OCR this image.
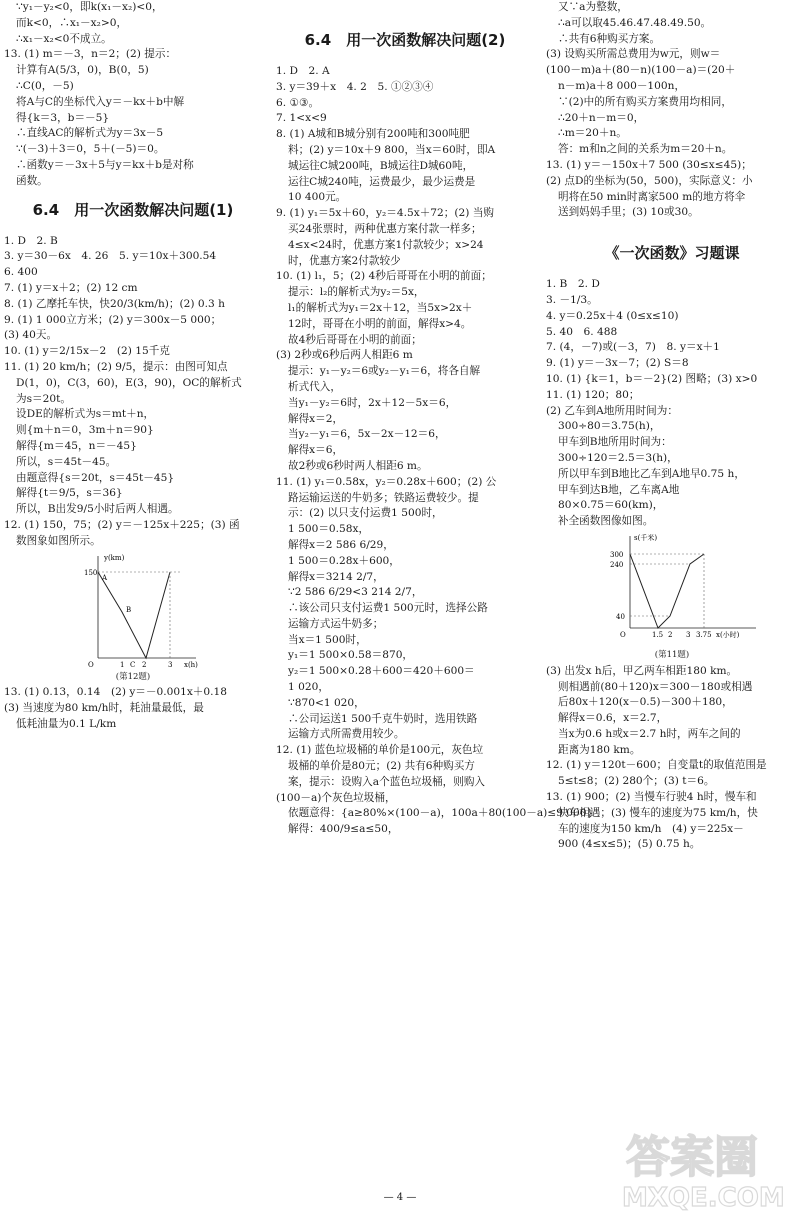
∵y₁－y₂<0，即k(x₁－x₂)<0，
而k<0，∴x₁－x₂>0，
∴x₁－x₂<0不成立。
13. (1) m＝－3，n＝2；(2) 提示：
计算有A(5/3，0)，B(0，5)
∴C(0，－5)
将A与C的坐标代入y＝－kx＋b中解
得{k＝3，b＝－5}
∴直线AC的解析式为y＝3x－5
∵(－3)＋3＝0，5＋(－5)＝0。
∴函数y＝－3x＋5与y＝kx＋b是对称
函数。
6.4　用一次函数解决问题(1)
1. D　2. B
3. y＝30－6x　4. 26　5. y＝10x＋300.54
6. 400
7. (1) y＝x＋2；(2) 12 cm
8. (1) 乙摩托车快，快20/3(km/h)；(2) 0.3 h
9. (1) 1 000立方米；(2) y＝300x－5 000；
(3) 40天。
10. (1) y＝2/15x－2　(2) 15千克
11. (1) 20 km/h；(2) 9/5，提示：由图可知点
D(1，0)，C(3，60)，E(3，90)，OC的解析式
为s＝20t。
设DE的解析式为s＝mt＋n，
则{m＋n＝0，3m＋n＝90}
解得{m＝45，n＝－45}
所以，s＝45t－45。
由题意得{s＝20t，s＝45t－45}
解得{t＝9/5，s＝36}
所以，B出发9/5小时后两人相遇。
12. (1) 150，75；(2) y＝－125x＋225；(3) 函
数图象如图所示。
y(km)
150
A
B
O	1 C 2	3 x(h)
(第12题)
13. (1) 0.13，0.14　(2) y＝－0.001x＋0.18
(3) 当速度为80 km/h时，耗油量最低，最
低耗油量为0.1 L/km
6.4　用一次函数解决问题(2)
1. D　2. A
3. y＝39＋x　4. 2　5. ①②③④
6. ①③。
7. 1<x<9
8. (1) A城和B城分别有200吨和300吨肥
料；(2) y＝10x＋9 800，当x＝60时，即A
城运往C城200吨，B城运往D城60吨，
运往C城240吨，运费最少，最少运费是
10 400元。
9. (1) y₁＝5x＋60，y₂＝4.5x＋72；(2) 当购
买24张票时，两种优惠方案付款一样多；
4≤x<24时，优惠方案1付款较少；x>24
时，优惠方案2付款较少
10. (1) l₁，5；(2) 4秒后哥哥在小明的前面；
提示：l₂的解析式为y₂＝5x，
l₁的解析式为y₁＝2x＋12，当5x>2x＋
12时，哥哥在小明的前面，解得x>4。
故4秒后哥哥在小明的前面；
(3) 2秒或6秒后两人相距6 m
提示：y₁－y₂＝6或y₂－y₁＝6，将各自解
析式代入，
当y₁－y₂＝6时，2x＋12－5x＝6，
解得x＝2，
当y₂－y₁＝6，5x－2x－12＝6，
解得x＝6，
故2秒或6秒时两人相距6 m。
11. (1) y₁＝0.58x，y₂＝0.28x＋600；(2) 公
路运输运送的牛奶多；铁路运费较少。提
示：(2) 以只支付运费1 500时，
1 500＝0.58x，
解得x＝2 586 6/29，
1 500＝0.28x＋600，
解得x＝3214 2/7，
∵2 586 6/29<3 214 2/7，
∴该公司只支付运费1 500元时，选择公路
运输方式运牛奶多；
当x＝1 500时，
y₁＝1 500×0.58＝870，
y₂＝1 500×0.28＋600＝420＋600＝
1 020，
∵870<1 020，
∴公司运送1 500千克牛奶时，选用铁路
运输方式所需费用较少。
12. (1) 蓝色垃圾桶的单价是100元，灰色垃
圾桶的单价是80元；(2) 共有6种购买方
案，提示：设购入a个蓝色垃圾桶，则购入
(100－a)个灰色垃圾桶，
依题意得：{a≥80%×(100－a)，100a＋80(100－a)≤9 000}
解得：400/9≤a≤50，
又∵a为整数，
∴a可以取45.46.47.48.49.50。
∴共有6种购买方案。
(3) 设购买所需总费用为w元，则w＝
(100－m)a＋(80－n)(100－a)＝(20＋
n－m)a＋8 000－100n，
∵(2)中的所有购买方案费用均相同，
∴20＋n－m＝0，
∴m＝20＋n。
答：m和n之间的关系为m＝20＋n。
13. (1) y＝－150x＋7 500 (30≤x≤45)；
(2) 点D的坐标为(50，500)，实际意义：小
明将在50 min时离家500 m的地方将伞
送到妈妈手里；(3) 10或30。
《一次函数》习题课
1. B　2. D
3. －1/3。
4. y＝0.25x＋4 (0≤x≤10)
5. 40　6. 488
7. (4，－7)或(－3，7)　8. y＝x＋1
9. (1) y＝－3x－7；(2) S＝8
10. (1) {k＝1，b＝－2}(2) 图略；(3) x>0
11. (1) 120；80；
(2) 乙车到A地所用时间为：
300÷80＝3.75(h)，
甲车到B地所用时间为：
300÷120＝2.5＝3(h)，
所以甲车到B地比乙车到A地早0.75 h，
甲车到达B地，乙车离A地
80×0.75＝60(km)，
补全函数图像如图。
s(千米)
300
240
40
O	1.5 2 3 3.75 x(小时)
(第11题)
(3) 出发x h后，甲乙两车相距180 km。
则相遇前(80＋120)x＝300－180或相遇
后80x＋120(x－0.5)－300＋180，
解得x＝0.6，x＝2.7，
当x为0.6 h或x＝2.7 h时，两车之间的
距离为180 km。
12. (1) y＝120t－600；自变量t的取值范围是
5≤t≤8；(2) 280个；(3) t＝6。
13. (1) 900；(2) 当慢车行驶4 h时，慢车和
快车相遇；(3) 慢车的速度为75 km/h，快
车的速度为150 km/h　(4) y＝225x－
900 (4≤x≤5)；(5) 0.75 h。
— 4 —
答案圈
MXQE.COM
